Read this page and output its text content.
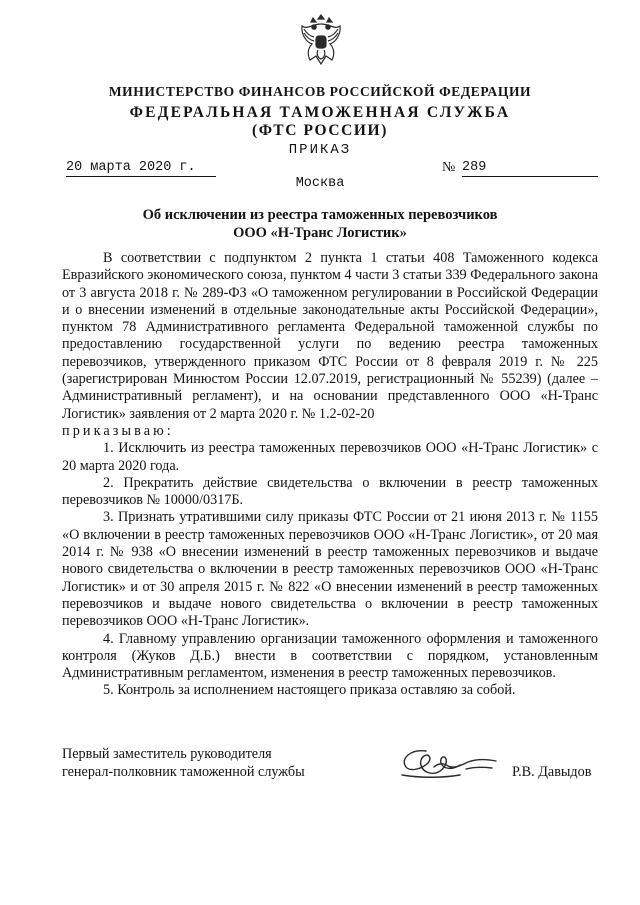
МИНИСТЕРСТВО ФИНАНСОВ РОССИЙСКОЙ ФЕДЕРАЦИИ
ФЕДЕРАЛЬНАЯ ТАМОЖЕННАЯ СЛУЖБА
(ФТС РОССИИ)
ПРИКАЗ
20 марта 2020 г.	№ 289
Москва
Об исключении из реестра таможенных перевозчиков
ООО «Н-Транс Логистик»

В соответствии с подпунктом 2 пункта 1 статьи 408 Таможенного кодекса Евразийского экономического союза, пунктом 4 части 3 статьи 339 Федерального закона от 3 августа 2018 г. № 289-ФЗ «О таможенном регулировании в Российской Федерации и о внесении изменений в отдельные законодательные акты Российской Федерации», пунктом 78 Административного регламента Федеральной таможенной службы по предоставлению государственной услуги по ведению реестра таможенных перевозчиков, утвержденного приказом ФТС России от 8 февраля 2019 г. № 225 (зарегистрирован Минюстом России 12.07.2019, регистрационный № 55239) (далее – Административный регламент), и на основании представленного ООО «Н-Транс Логистик» заявления от 2 марта 2020 г. № 1.2-02-20

приказываю:

1. Исключить из реестра таможенных перевозчиков ООО «Н-Транс Логистик» с 20 марта 2020 года.

2. Прекратить действие свидетельства о включении в реестр таможенных перевозчиков № 10000/0317Б.

3. Признать утратившими силу приказы ФТС России от 21 июня 2013 г. № 1155 «О включении в реестр таможенных перевозчиков ООО «Н-Транс Логистик», от 20 мая 2014 г. № 938 «О внесении изменений в реестр таможенных перевозчиков и выдаче нового свидетельства о включении в реестр таможенных перевозчиков ООО «Н-Транс Логистик» и от 30 апреля 2015 г. № 822 «О внесении изменений в реестр таможенных перевозчиков и выдаче нового свидетельства о включении в реестр таможенных перевозчиков ООО «Н-Транс Логистик».

4. Главному управлению организации таможенного оформления и таможенного контроля (Жуков Д.Б.) внести в соответствии с порядком, установленным Административным регламентом, изменения в реестр таможенных перевозчиков.

5. Контроль за исполнением настоящего приказа оставляю за собой.

Первый заместитель руководителя
генерал-полковник таможенной службы	Р.В. Давыдов
